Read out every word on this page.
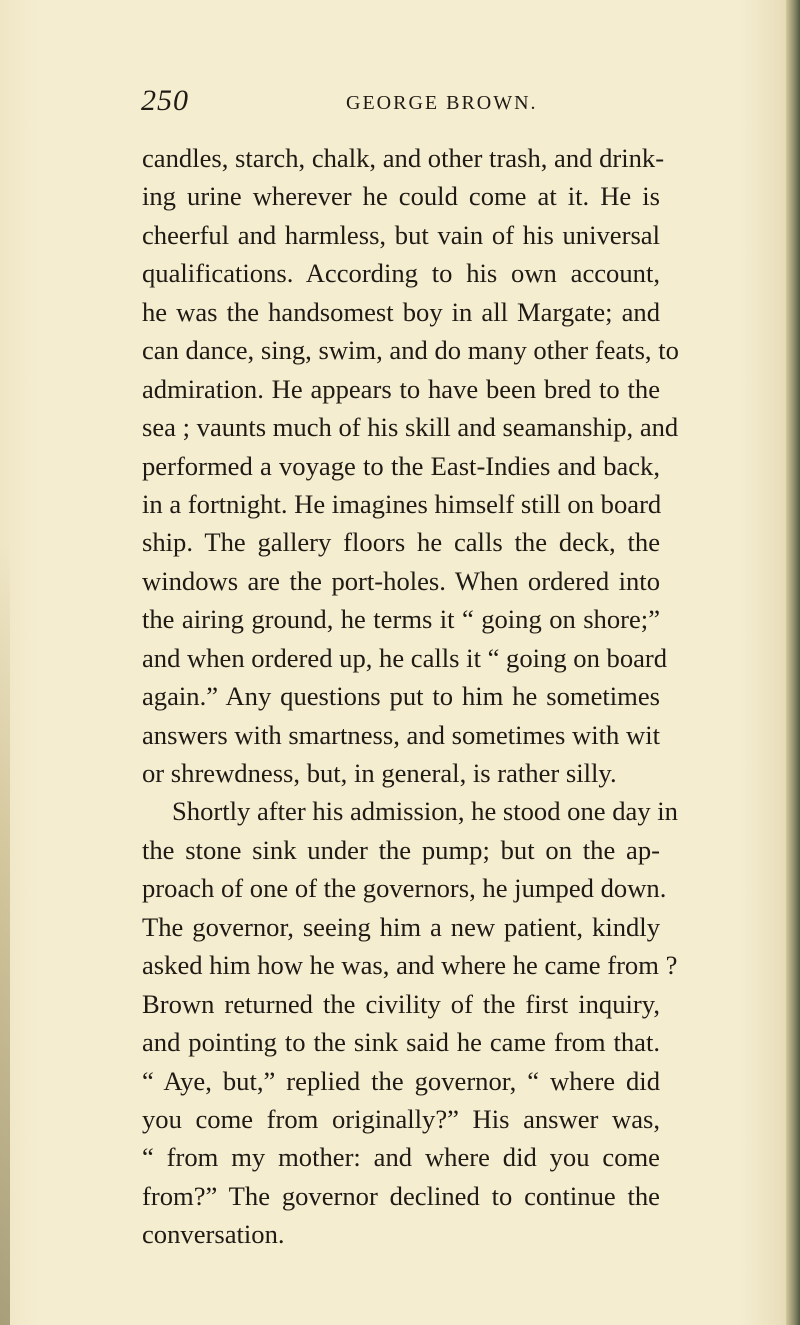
250	GEORGE BROWN.
candles, starch, chalk, and other trash, and drink-
ing urine wherever he could come at it. He is
cheerful and harmless, but vain of his universal
qualifications. According to his own account,
he was the handsomest boy in all Margate; and
can dance, sing, swim, and do many other feats, to
admiration. He appears to have been bred to the
sea ; vaunts much of his skill and seamanship, and
performed a voyage to the East-Indies and back,
in a fortnight. He imagines himself still on board
ship. The gallery floors he calls the deck, the
windows are the port-holes. When ordered into
the airing ground, he terms it “ going on shore;”
and when ordered up, he calls it “ going on board
again.” Any questions put to him he sometimes
answers with smartness, and sometimes with wit
or shrewdness, but, in general, is rather silly.
Shortly after his admission, he stood one day in
the stone sink under the pump; but on the ap-
proach of one of the governors, he jumped down.
The governor, seeing him a new patient, kindly
asked him how he was, and where he came from ?
Brown returned the civility of the first inquiry,
and pointing to the sink said he came from that.
“ Aye, but,” replied the governor, “ where did
you come from originally?” His answer was,
“ from my mother: and where did you come
from?” The governor declined to continue the
conversation.
